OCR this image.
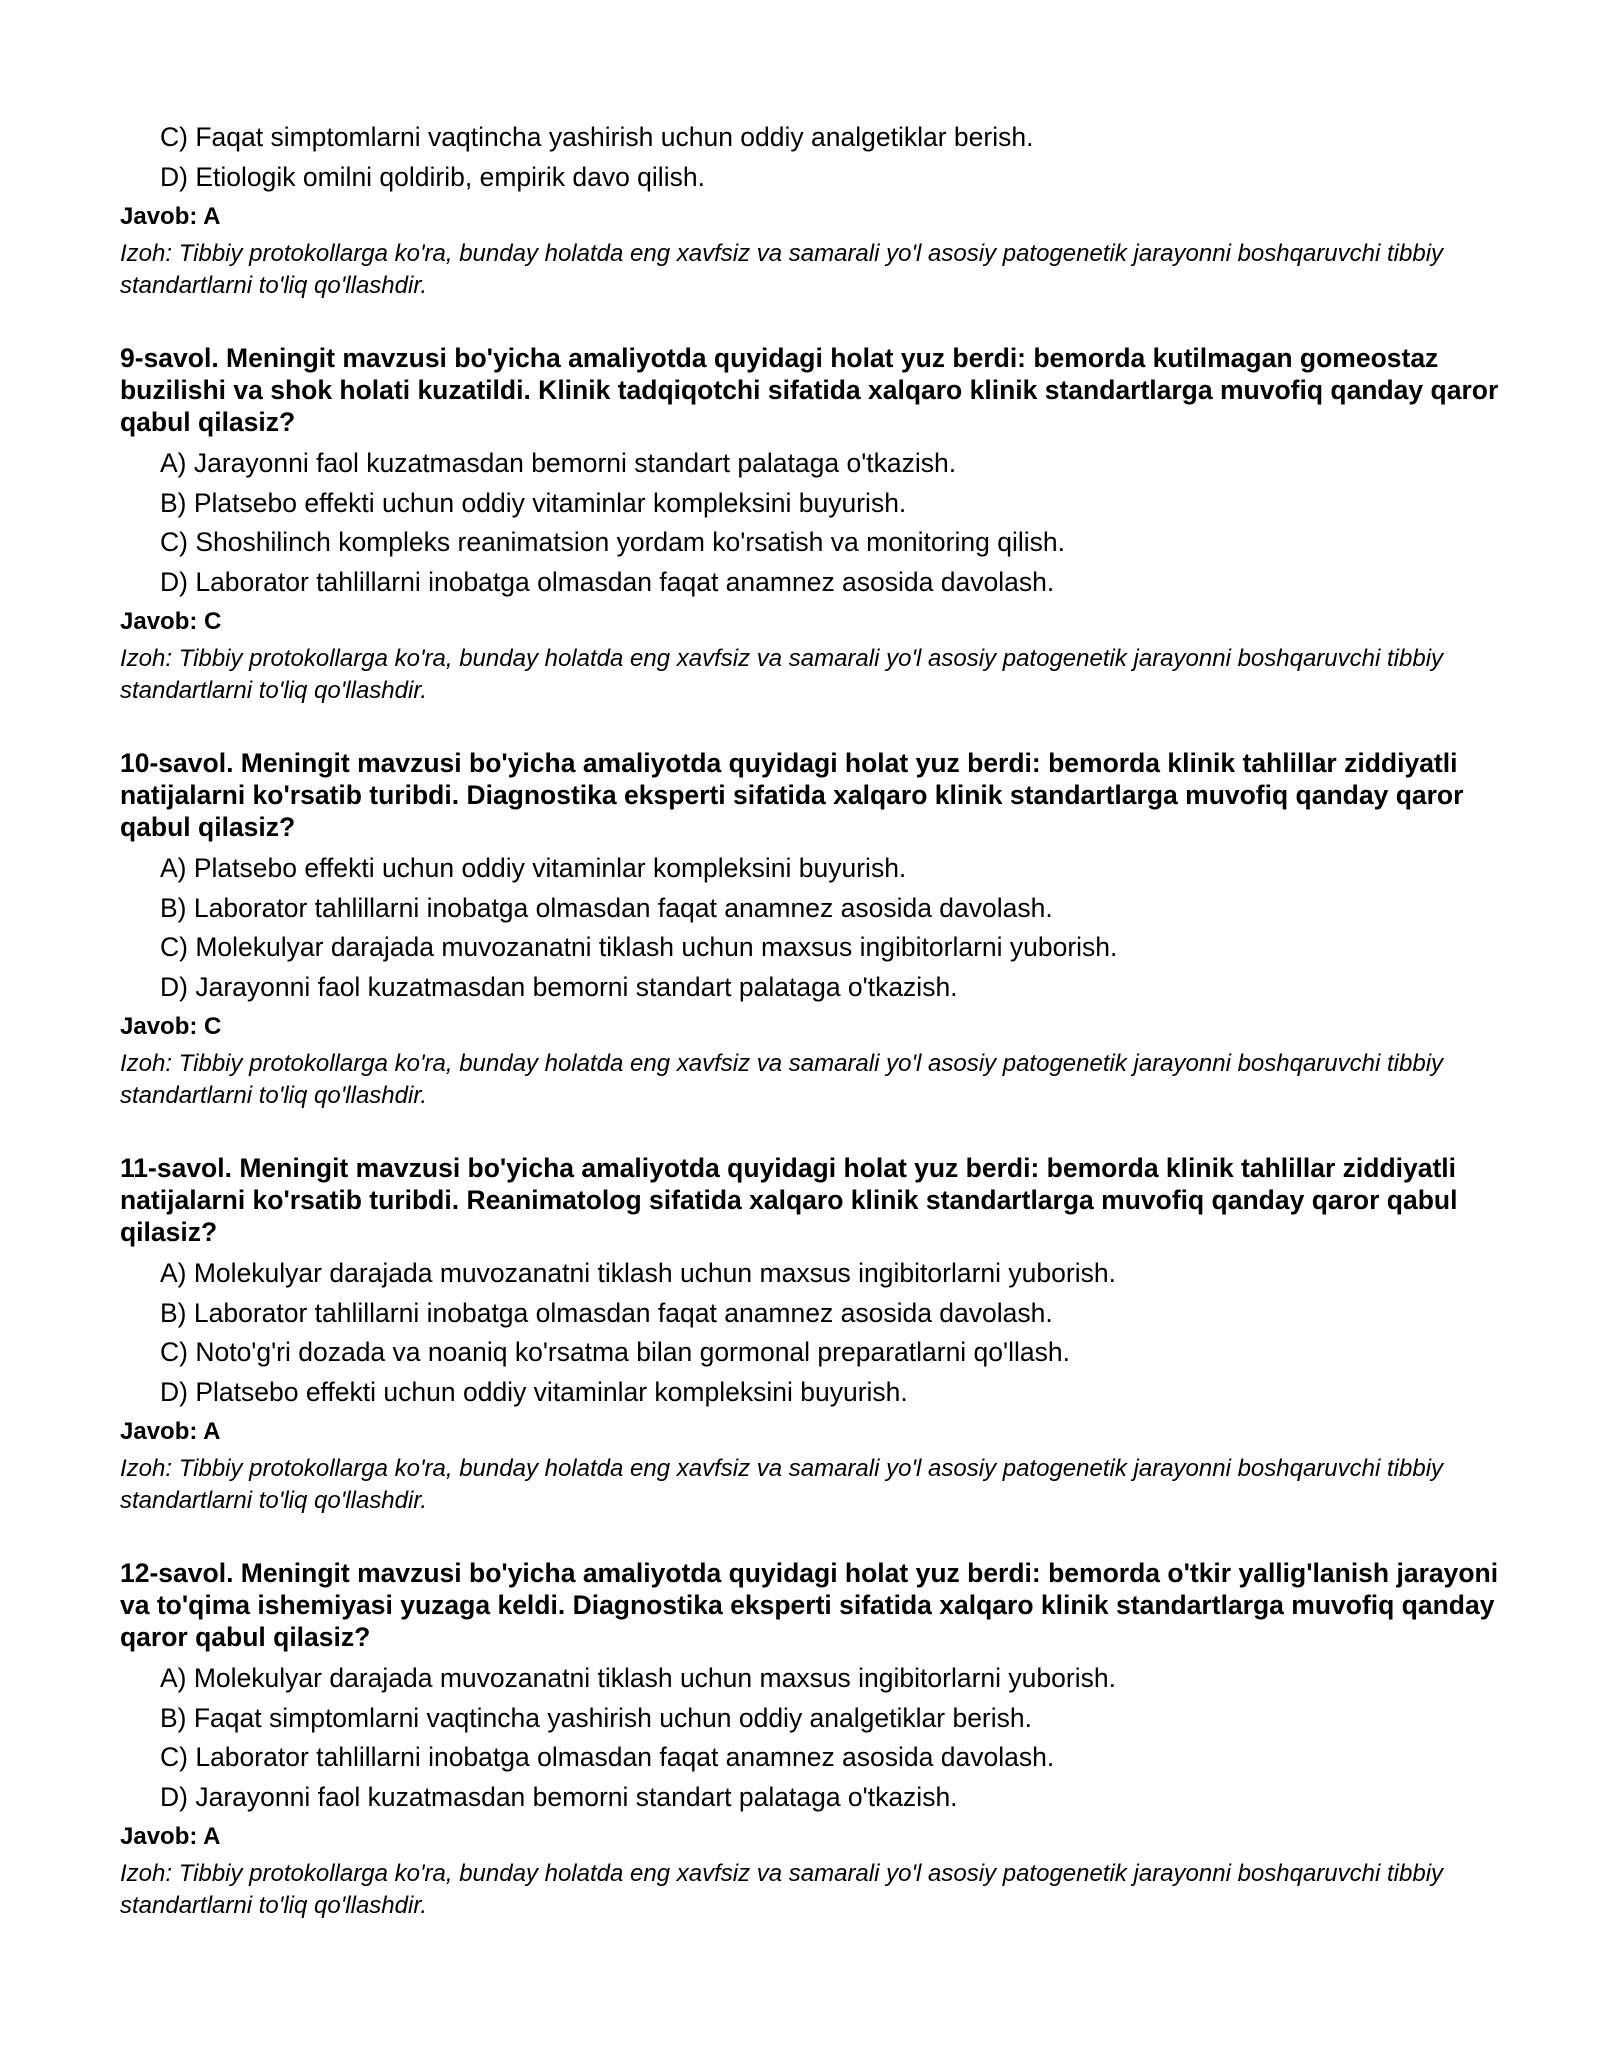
C) Faqat simptomlarni vaqtincha yashirish uchun oddiy analgetiklar berish.
D) Etiologik omilni qoldirib, empirik davo qilish.

Javob: A

Izoh: Tibbiy protokollarga ko'ra, bunday holatda eng xavfsiz va samarali yo'l asosiy patogenetik jarayonni boshqaruvchi tibbiy standartlarni to'liq qo'llashdir.

9-savol. Meningit mavzusi bo'yicha amaliyotda quyidagi holat yuz berdi: bemorda kutilmagan gomeostaz buzilishi va shok holati kuzatildi. Klinik tadqiqotchi sifatida xalqaro klinik standartlarga muvofiq qanday qaror qabul qilasiz?

A) Jarayonni faol kuzatmasdan bemorni standart palataga o'tkazish.
B) Platsebo effekti uchun oddiy vitaminlar kompleksini buyurish.
C) Shoshilinch kompleks reanimatsion yordam ko'rsatish va monitoring qilish.
D) Laborator tahlillarni inobatga olmasdan faqat anamnez asosida davolash.

Javob: C

Izoh: Tibbiy protokollarga ko'ra, bunday holatda eng xavfsiz va samarali yo'l asosiy patogenetik jarayonni boshqaruvchi tibbiy standartlarni to'liq qo'llashdir.

10-savol. Meningit mavzusi bo'yicha amaliyotda quyidagi holat yuz berdi: bemorda klinik tahlillar ziddiyatli natijalarni ko'rsatib turibdi. Diagnostika eksperti sifatida xalqaro klinik standartlarga muvofiq qanday qaror qabul qilasiz?

A) Platsebo effekti uchun oddiy vitaminlar kompleksini buyurish.
B) Laborator tahlillarni inobatga olmasdan faqat anamnez asosida davolash.
C) Molekulyar darajada muvozanatni tiklash uchun maxsus ingibitorlarni yuborish.
D) Jarayonni faol kuzatmasdan bemorni standart palataga o'tkazish.

Javob: C

Izoh: Tibbiy protokollarga ko'ra, bunday holatda eng xavfsiz va samarali yo'l asosiy patogenetik jarayonni boshqaruvchi tibbiy standartlarni to'liq qo'llashdir.

11-savol. Meningit mavzusi bo'yicha amaliyotda quyidagi holat yuz berdi: bemorda klinik tahlillar ziddiyatli natijalarni ko'rsatib turibdi. Reanimatolog sifatida xalqaro klinik standartlarga muvofiq qanday qaror qabul qilasiz?

A) Molekulyar darajada muvozanatni tiklash uchun maxsus ingibitorlarni yuborish.
B) Laborator tahlillarni inobatga olmasdan faqat anamnez asosida davolash.
C) Noto'g'ri dozada va noaniq ko'rsatma bilan gormonal preparatlarni qo'llash.
D) Platsebo effekti uchun oddiy vitaminlar kompleksini buyurish.

Javob: A

Izoh: Tibbiy protokollarga ko'ra, bunday holatda eng xavfsiz va samarali yo'l asosiy patogenetik jarayonni boshqaruvchi tibbiy standartlarni to'liq qo'llashdir.

12-savol. Meningit mavzusi bo'yicha amaliyotda quyidagi holat yuz berdi: bemorda o'tkir yallig'lanish jarayoni va to'qima ishemiyasi yuzaga keldi. Diagnostika eksperti sifatida xalqaro klinik standartlarga muvofiq qanday qaror qabul qilasiz?

A) Molekulyar darajada muvozanatni tiklash uchun maxsus ingibitorlarni yuborish.
B) Faqat simptomlarni vaqtincha yashirish uchun oddiy analgetiklar berish.
C) Laborator tahlillarni inobatga olmasdan faqat anamnez asosida davolash.
D) Jarayonni faol kuzatmasdan bemorni standart palataga o'tkazish.

Javob: A

Izoh: Tibbiy protokollarga ko'ra, bunday holatda eng xavfsiz va samarali yo'l asosiy patogenetik jarayonni boshqaruvchi tibbiy standartlarni to'liq qo'llashdir.
